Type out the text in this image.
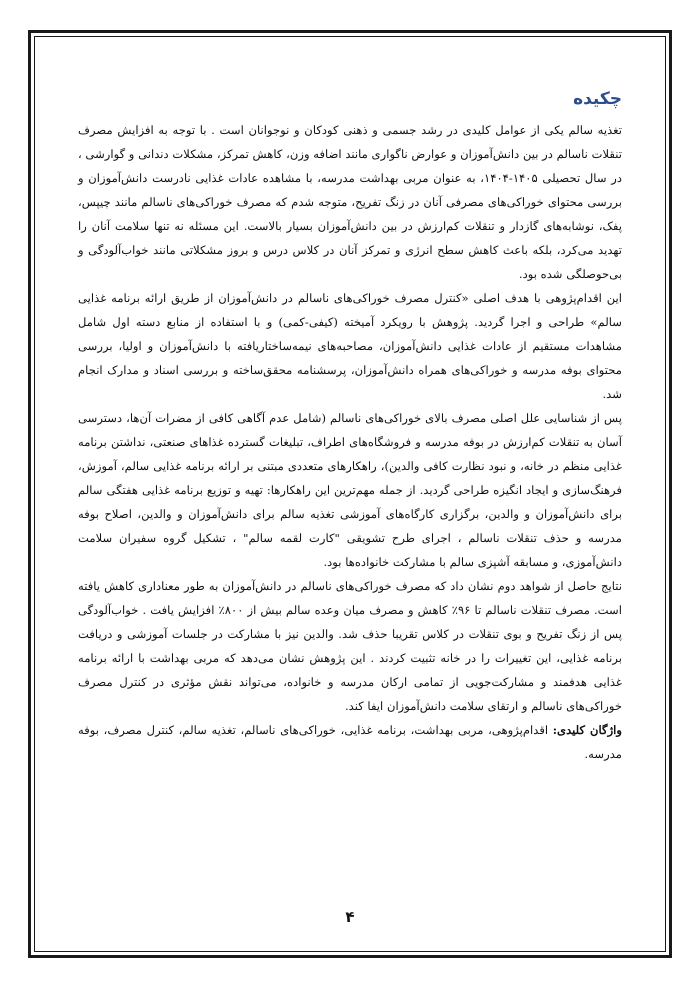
چکیده

تغذیه سالم یکی از عوامل کلیدی در رشد جسمی و ذهنی کودکان و نوجوانان است . با توجه به افزایش مصرف تنقلات ناسالم در بین دانش‌آموزان و عوارض ناگواری مانند اضافه وزن، کاهش تمرکز، مشکلات دندانی و گوارشی ، در سال تحصیلی ۱۴۰۵-۱۴۰۴، به عنوان مربی بهداشت مدرسه، با مشاهده عادات غذایی نادرست دانش‌آموزان و بررسی محتوای خوراکی‌های مصرفی آنان در زنگ تفریح، متوجه شدم که مصرف خوراکی‌های ناسالم مانند چیپس، پفک، نوشابه‌های گازدار و تنقلات کم‌ارزش در بین دانش‌آموزان بسیار بالاست. این مسئله نه تنها سلامت آنان را تهدید می‌کرد، بلکه باعث کاهش سطح انرژی و تمرکز آنان در کلاس درس و بروز مشکلاتی مانند خواب‌آلودگی و بی‌حوصلگی شده بود.

این اقدام‌پژوهی با هدف اصلی «کنترل مصرف خوراکی‌های ناسالم در دانش‌آموزان از طریق ارائه برنامه غذایی سالم» طراحی و اجرا گردید. پژوهش با رویکرد آمیخته (کیفی-کمی) و با استفاده از منابع دسته اول شامل مشاهدات مستقیم از عادات غذایی دانش‌آموزان، مصاحبه‌های نیمه‌ساختاریافته با دانش‌آموزان و اولیا، بررسی محتوای بوفه مدرسه و خوراکی‌های همراه دانش‌آموزان، پرسشنامه محقق‌ساخته و بررسی اسناد و مدارک انجام شد.

پس از شناسایی علل اصلی مصرف بالای خوراکی‌های ناسالم (شامل عدم آگاهی کافی از مضرات آن‌ها، دسترسی آسان به تنقلات کم‌ارزش در بوفه مدرسه و فروشگاه‌های اطراف، تبلیغات گسترده غذاهای صنعتی، نداشتن برنامه غذایی منظم در خانه، و نبود نظارت کافی والدین)، راهکارهای متعددی مبتنی بر ارائه برنامه غذایی سالم، آموزش، فرهنگ‌سازی و ایجاد انگیزه طراحی گردید. از جمله مهم‌ترین این راهکارها: تهیه و توزیع برنامه غذایی هفتگی سالم برای دانش‌آموزان و والدین، برگزاری کارگاه‌های آموزشی تغذیه سالم برای دانش‌آموزان و والدین، اصلاح بوفه مدرسه و حذف تنقلات ناسالم ، اجرای طرح تشویقی "کارت لقمه سالم" ، تشکیل گروه سفیران سلامت دانش‌آموزی، و مسابقه آشپزی سالم با مشارکت خانواده‌ها بود.

نتایج حاصل از شواهد دوم نشان داد که مصرف خوراکی‌های ناسالم در دانش‌آموزان به طور معناداری کاهش یافته است. مصرف تنقلات ناسالم تا ۹۶٪ کاهش و مصرف میان وعده سالم بیش از ۸۰۰٪ افزایش یافت . خواب‌آلودگی پس از زنگ تفریح و بوی تنقلات در کلاس تقریبا حذف شد. والدین نیز با مشارکت در جلسات آموزشی و دریافت برنامه غذایی، این تغییرات را در خانه تثبیت کردند . این پژوهش نشان می‌دهد که مربی بهداشت با ارائه برنامه غذایی هدفمند و مشارکت‌جویی از تمامی ارکان مدرسه و خانواده، می‌تواند نقش مؤثری در کنترل مصرف خوراکی‌های ناسالم و ارتقای سلامت دانش‌آموزان ایفا کند.

واژگان کلیدی: اقدام‌پژوهی، مربی بهداشت، برنامه غذایی، خوراکی‌های ناسالم، تغذیه سالم، کنترل مصرف، بوفه مدرسه.

۴
